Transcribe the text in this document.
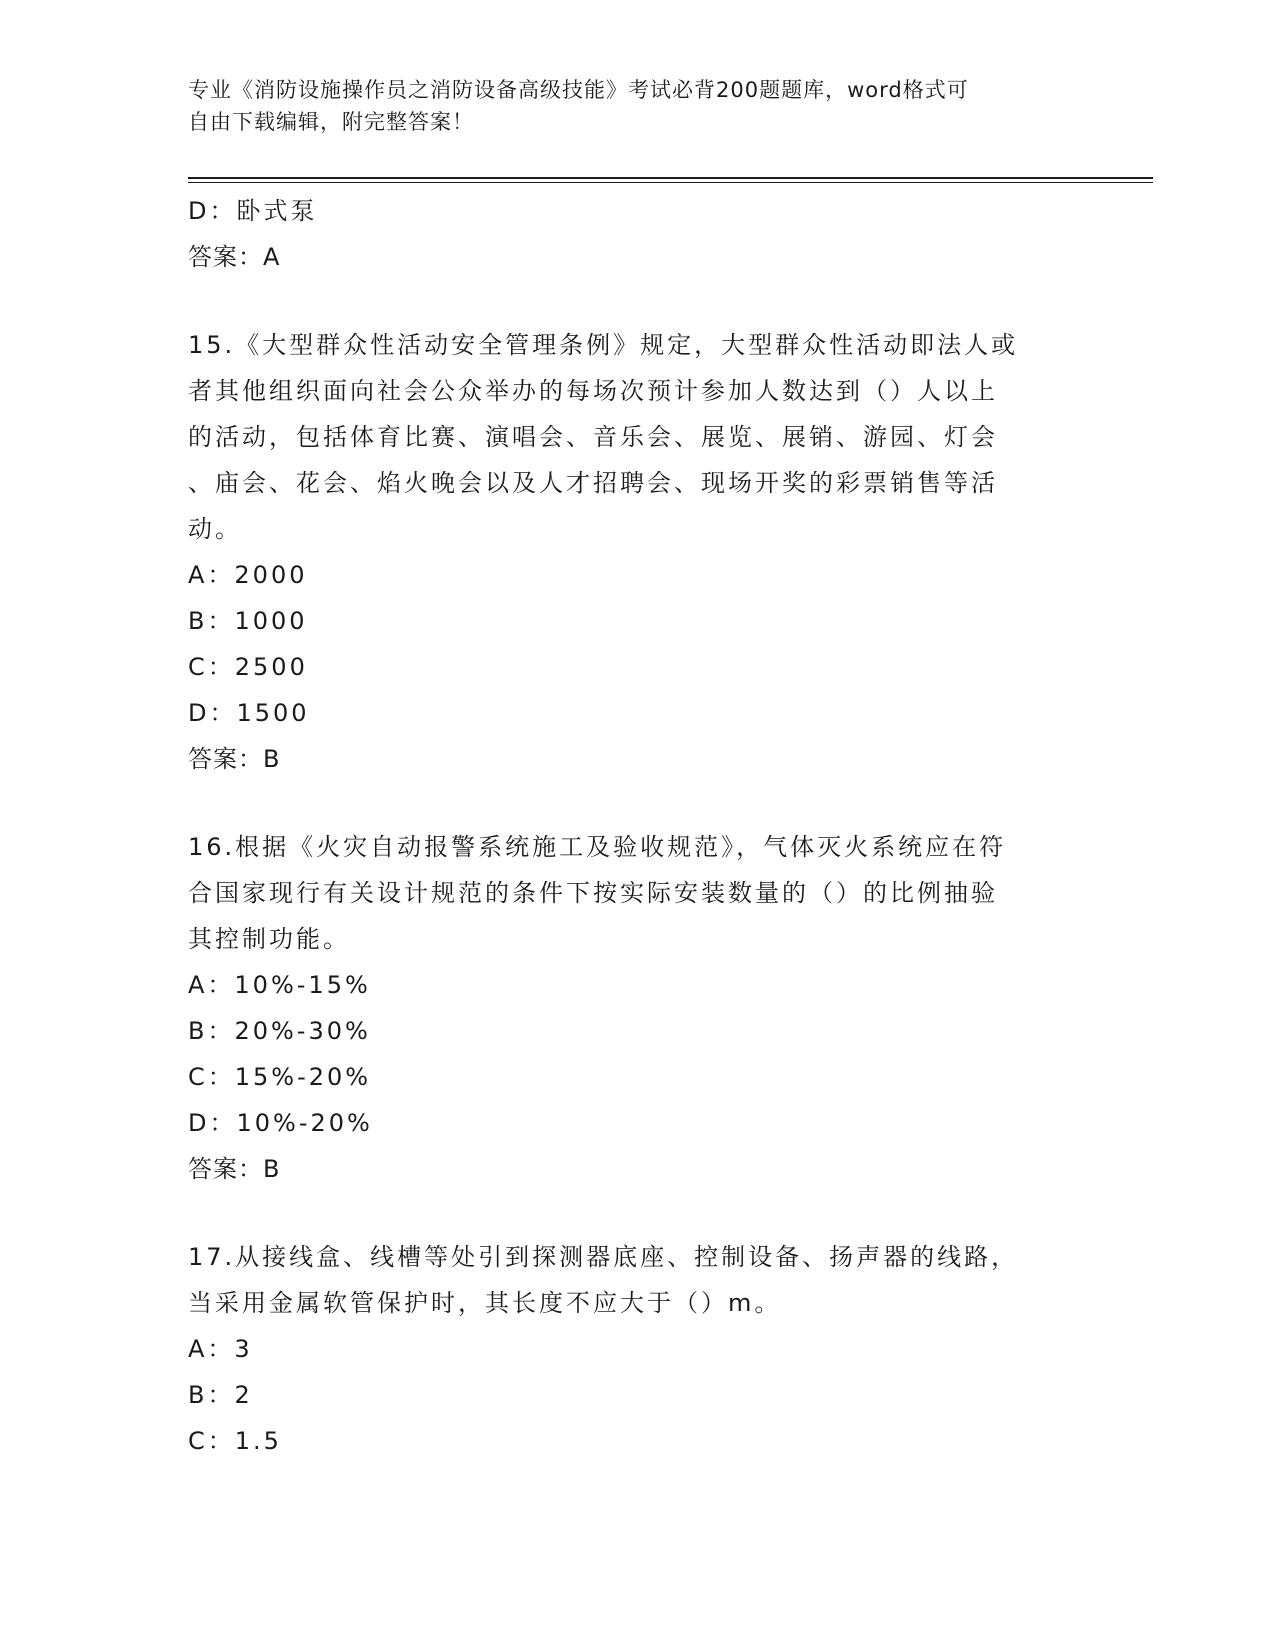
专业《消防设施操作员之消防设备高级技能》考试必背200题题库，word格式可
自由下载编辑，附完整答案！
D：卧式泵
答案：A
15.《大型群众性活动安全管理条例》规定，大型群众性活动即法人或
者其他组织面向社会公众举办的每场次预计参加人数达到（）人以上
的活动，包括体育比赛、演唱会、音乐会、展览、展销、游园、灯会
、庙会、花会、焰火晚会以及人才招聘会、现场开奖的彩票销售等活
动。
A：2000
B：1000
C：2500
D：1500
答案：B
16.根据《火灾自动报警系统施工及验收规范》，气体灭火系统应在符
合国家现行有关设计规范的条件下按实际安装数量的（）的比例抽验
其控制功能。
A：10%-15%
B：20%-30%
C：15%-20%
D：10%-20%
答案：B
17.从接线盒、线槽等处引到探测器底座、控制设备、扬声器的线路，
当采用金属软管保护时，其长度不应大于（）m。
A：3
B：2
C：1.5
